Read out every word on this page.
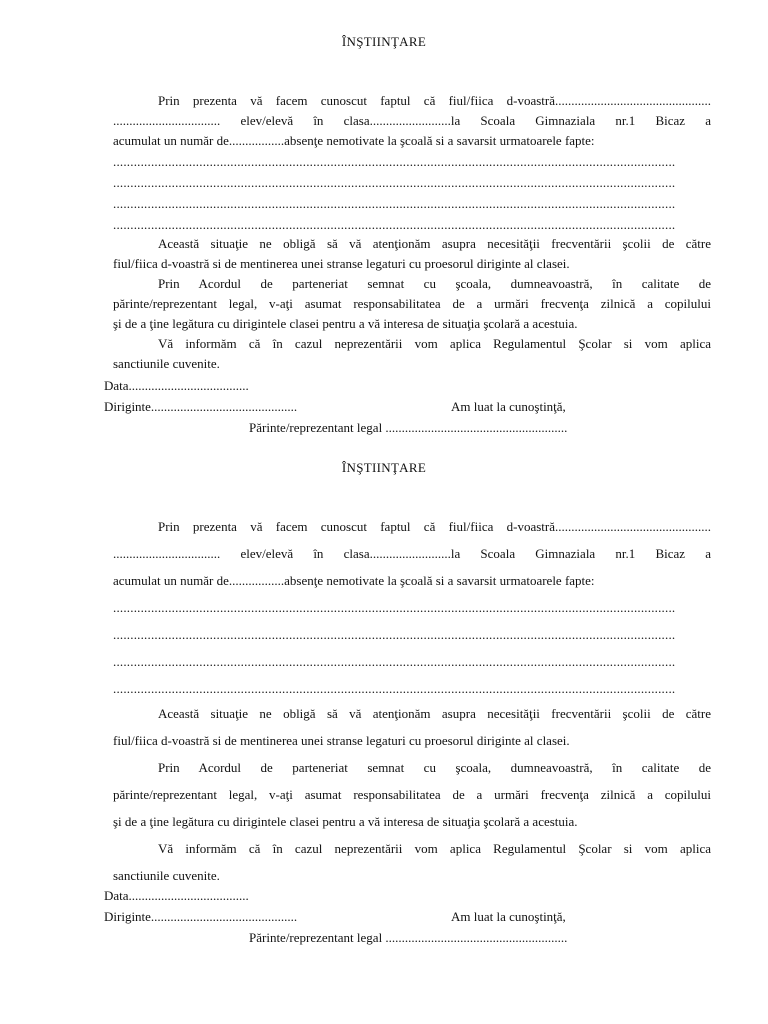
ÎNŞTIINŢARE
Prin prezenta vă facem cunoscut faptul că fiul/fiica d-voastră................................................
................................. elev/elevă în clasa.........................la Scoala Gimnaziala nr.1 Bicaz a
acumulat un număr de.................absenţe nemotivate la şcoală si a savarsit urmatoarele fapte:
...................................................................................................................................................................
...................................................................................................................................................................
...................................................................................................................................................................
...................................................................................................................................................................
Această situaţie ne obligă să vă atenţionăm asupra necesităţii frecventării şcolii de către
fiul/fiica d-voastră si de mentinerea unei stranse legaturi cu proesorul diriginte al clasei.
Prin Acordul de parteneriat semnat cu şcoala, dumneavoastră, în calitate de
părinte/reprezentant legal, v-aţi asumat responsabilitatea de a urmări frecvenţa zilnică a copilului
şi de a ţine legătura cu dirigintele clasei pentru a vă interesa de situaţia şcolară a acestuia.
Vă informăm că în cazul neprezentării vom aplica Regulamentul Şcolar si vom aplica
sanctiunile cuvenite.
Data.....................................
Diriginte.............................................	Am luat la cunoştinţă,
Părinte/reprezentant legal ........................................................
ÎNŞTIINŢARE
Prin prezenta vă facem cunoscut faptul că fiul/fiica d-voastră................................................
................................. elev/elevă în clasa.........................la Scoala Gimnaziala nr.1 Bicaz a
acumulat un număr de.................absenţe nemotivate la şcoală si a savarsit urmatoarele fapte:
...................................................................................................................................................................
...................................................................................................................................................................
...................................................................................................................................................................
...................................................................................................................................................................
Această situaţie ne obligă să vă atenţionăm asupra necesităţii frecventării şcolii de către
fiul/fiica d-voastră si de mentinerea unei stranse legaturi cu proesorul diriginte al clasei.
Prin Acordul de parteneriat semnat cu şcoala, dumneavoastră, în calitate de
părinte/reprezentant legal, v-aţi asumat responsabilitatea de a urmări frecvenţa zilnică a copilului
şi de a ţine legătura cu dirigintele clasei pentru a vă interesa de situaţia şcolară a acestuia.
Vă informăm că în cazul neprezentării vom aplica Regulamentul Şcolar si vom aplica
sanctiunile cuvenite.
Data.....................................
Diriginte.............................................	Am luat la cunoştinţă,
Părinte/reprezentant legal ........................................................
